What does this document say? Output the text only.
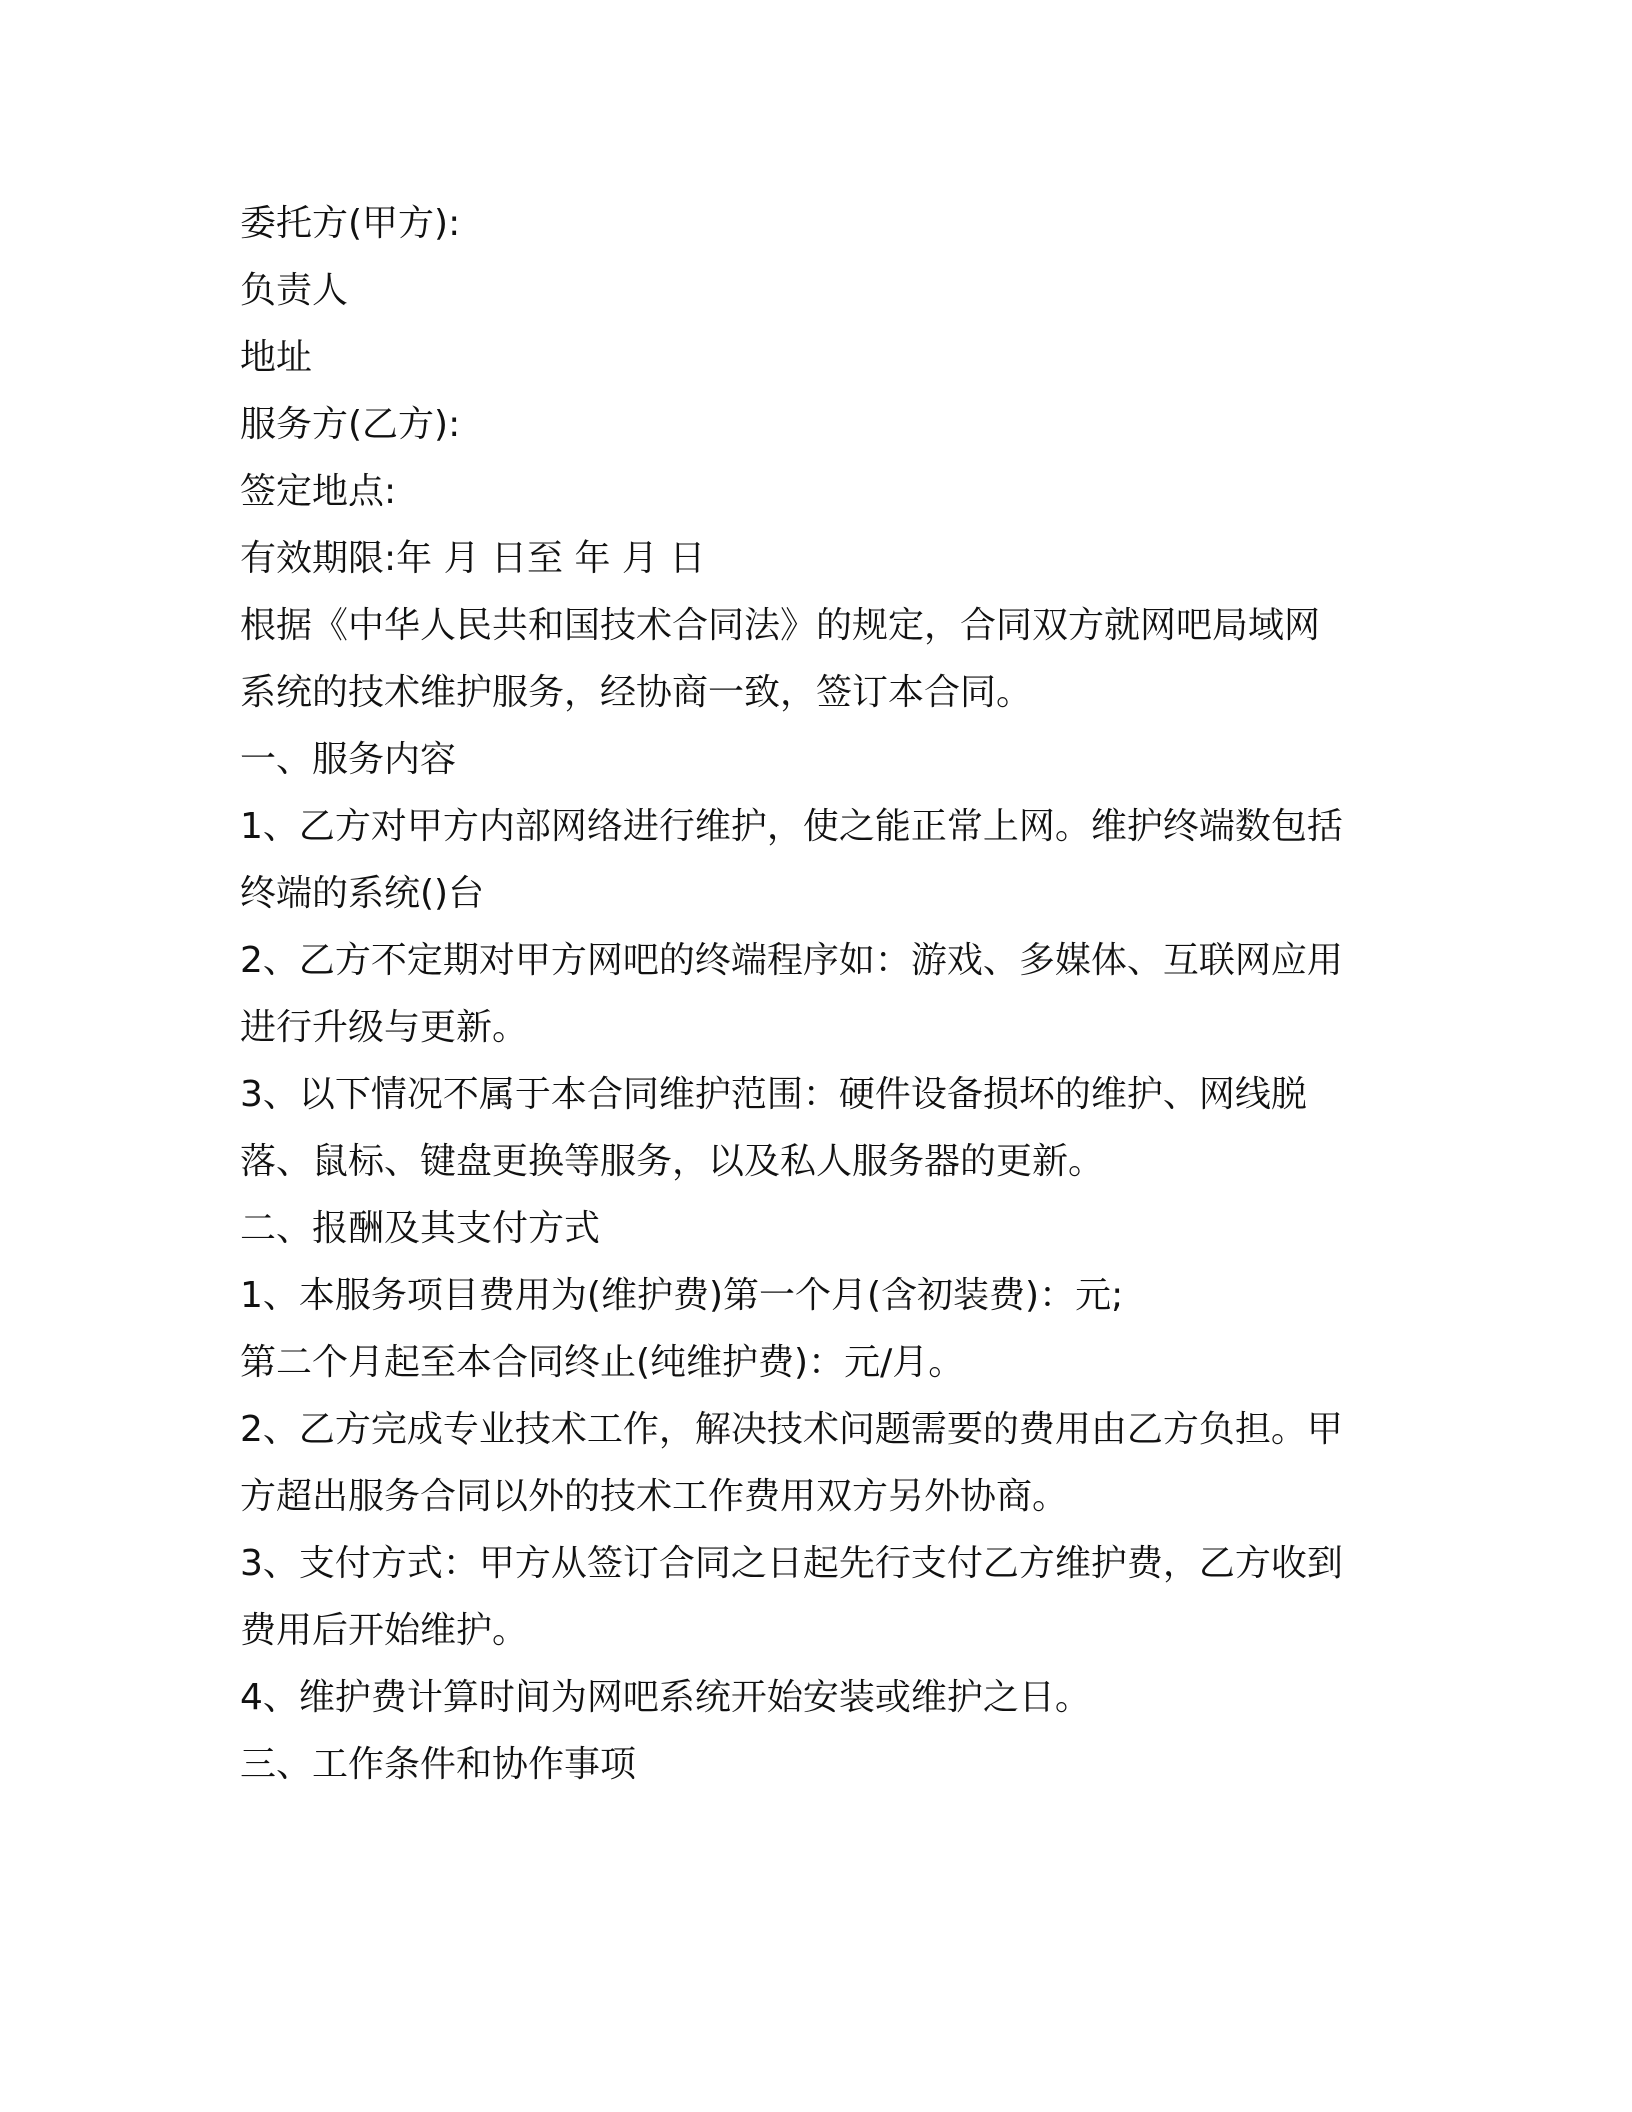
委托方(甲方):

负责人

地址

服务方(乙方):

签定地点:

有效期限:年 月 日至 年 月 日

根据《中华人民共和国技术合同法》的规定，合同双方就网吧局域网

系统的技术维护服务，经协商一致，签订本合同。

一、服务内容

1、乙方对甲方内部网络进行维护，使之能正常上网。维护终端数包括

终端的系统()台

2、乙方不定期对甲方网吧的终端程序如：游戏、多媒体、互联网应用

进行升级与更新。

3、以下情况不属于本合同维护范围：硬件设备损坏的维护、网线脱

落、鼠标、键盘更换等服务，以及私人服务器的更新。

二、报酬及其支付方式

1、本服务项目费用为(维护费)第一个月(含初装费)：元;

第二个月起至本合同终止(纯维护费)：元/月。

2、乙方完成专业技术工作，解决技术问题需要的费用由乙方负担。甲

方超出服务合同以外的技术工作费用双方另外协商。

3、支付方式：甲方从签订合同之日起先行支付乙方维护费，乙方收到

费用后开始维护。

4、维护费计算时间为网吧系统开始安装或维护之日。

三、工作条件和协作事项
